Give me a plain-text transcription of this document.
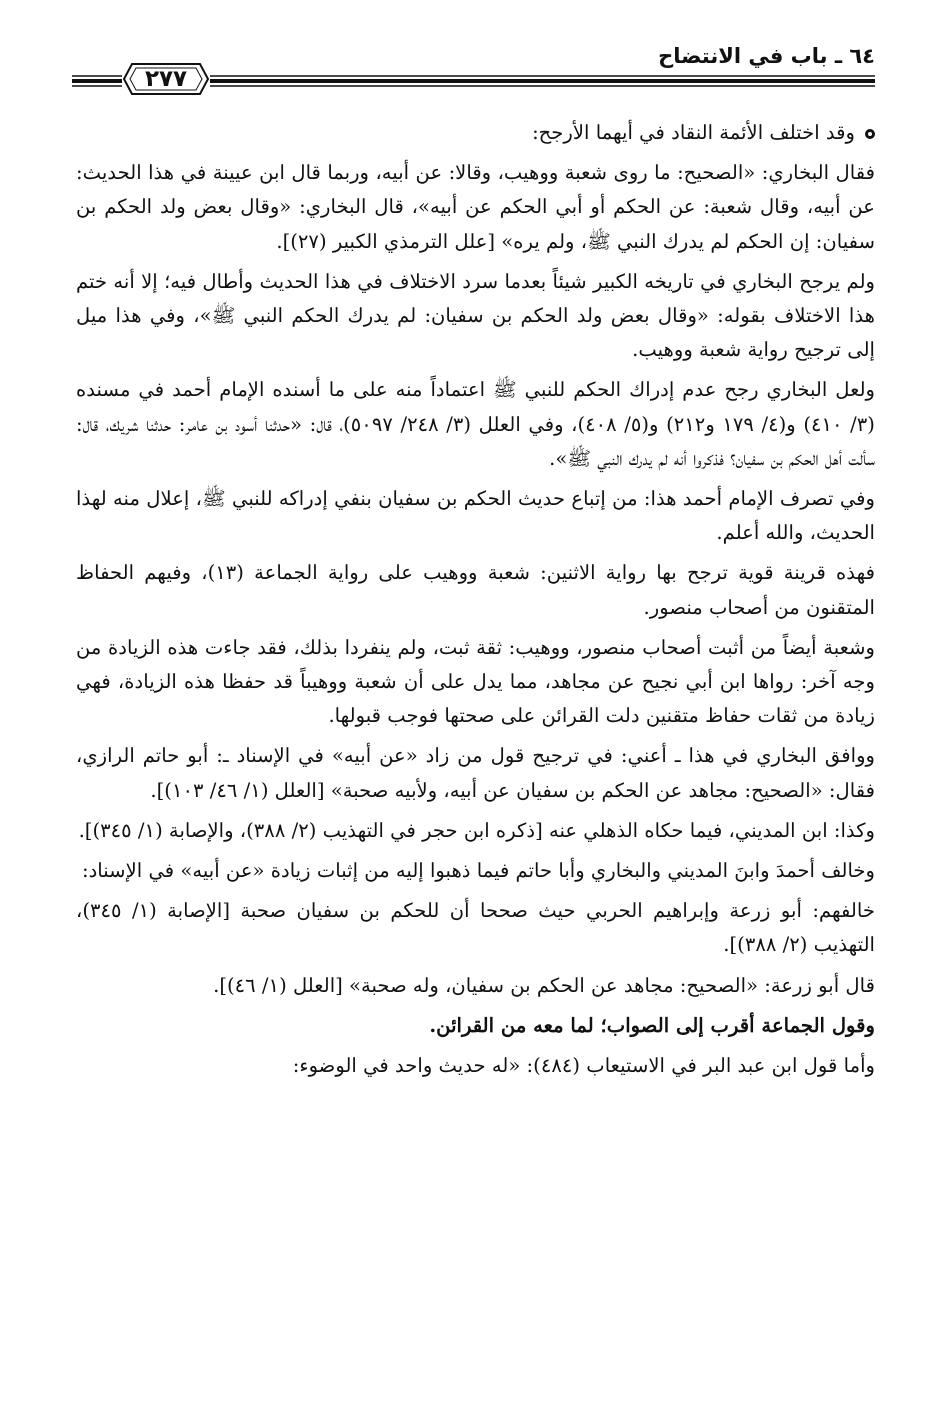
٦٤ ـ باب في الانتضاح
٢٧٧

وقد اختلف الأئمة النقاد في أيهما الأرجح:

فقال البخاري: «الصحيح: ما روى شعبة ووهيب، وقالا: عن أبيه، وربما قال ابن عيينة في هذا الحديث: عن أبيه، وقال شعبة: عن الحكم أو أبي الحكم عن أبيه»، قال البخاري: «وقال بعض ولد الحكم بن سفيان: إن الحكم لم يدرك النبي ﷺ، ولم يره» [علل الترمذي الكبير (٢٧)].

ولم يرجح البخاري في تاريخه الكبير شيئاً بعدما سرد الاختلاف في هذا الحديث وأطال فيه؛ إلا أنه ختم هذا الاختلاف بقوله: «وقال بعض ولد الحكم بن سفيان: لم يدرك الحكم النبي ﷺ»، وفي هذا ميل إلى ترجيح رواية شعبة ووهيب.

ولعل البخاري رجح عدم إدراك الحكم للنبي ﷺ اعتماداً منه على ما أسنده الإمام أحمد في مسنده (٣/ ٤١٠) و(٤/ ١٧٩ و٢١٢) و(٥/ ٤٠٨)، وفي العلل (٣/ ٢٤٨/ ٥٠٩٧)، قال: «حدثنا أسود بن عامر: حدثنا شريك، قال: سألت أهل الحكم بن سفيان؟ فذكروا أنه لم يدرك النبي ﷺ».

وفي تصرف الإمام أحمد هذا: من إتباع حديث الحكم بن سفيان بنفي إدراكه للنبي ﷺ، إعلال منه لهذا الحديث، والله أعلم.

فهذه قرينة قوية ترجح بها رواية الاثنين: شعبة ووهيب على رواية الجماعة (١٣)، وفيهم الحفاظ المتقنون من أصحاب منصور.

وشعبة أيضاً من أثبت أصحاب منصور، ووهيب: ثقة ثبت، ولم ينفردا بذلك، فقد جاءت هذه الزيادة من وجه آخر: رواها ابن أبي نجيح عن مجاهد، مما يدل على أن شعبة ووهيباً قد حفظا هذه الزيادة، فهي زيادة من ثقات حفاظ متقنين دلت القرائن على صحتها فوجب قبولها.

ووافق البخاري في هذا ـ أعني: في ترجيح قول من زاد «عن أبيه» في الإسناد ـ: أبو حاتم الرازي، فقال: «الصحيح: مجاهد عن الحكم بن سفيان عن أبيه، ولأبيه صحبة» [العلل (١/ ٤٦/ ١٠٣)].

وكذا: ابن المديني، فيما حكاه الذهلي عنه [ذكره ابن حجر في التهذيب (٢/ ٣٨٨)، والإصابة (١/ ٣٤٥)].

وخالف أحمدَ وابنَ المديني والبخاري وأبا حاتم فيما ذهبوا إليه من إثبات زيادة «عن أبيه» في الإسناد:

خالفهم: أبو زرعة وإبراهيم الحربي حيث صححا أن للحكم بن سفيان صحبة [الإصابة (١/ ٣٤٥)، التهذيب (٢/ ٣٨٨)].

قال أبو زرعة: «الصحيح: مجاهد عن الحكم بن سفيان، وله صحبة» [العلل (١/ ٤٦)].

وقول الجماعة أقرب إلى الصواب؛ لما معه من القرائن.

وأما قول ابن عبد البر في الاستيعاب (٤٨٤): «له حديث واحد في الوضوء:
